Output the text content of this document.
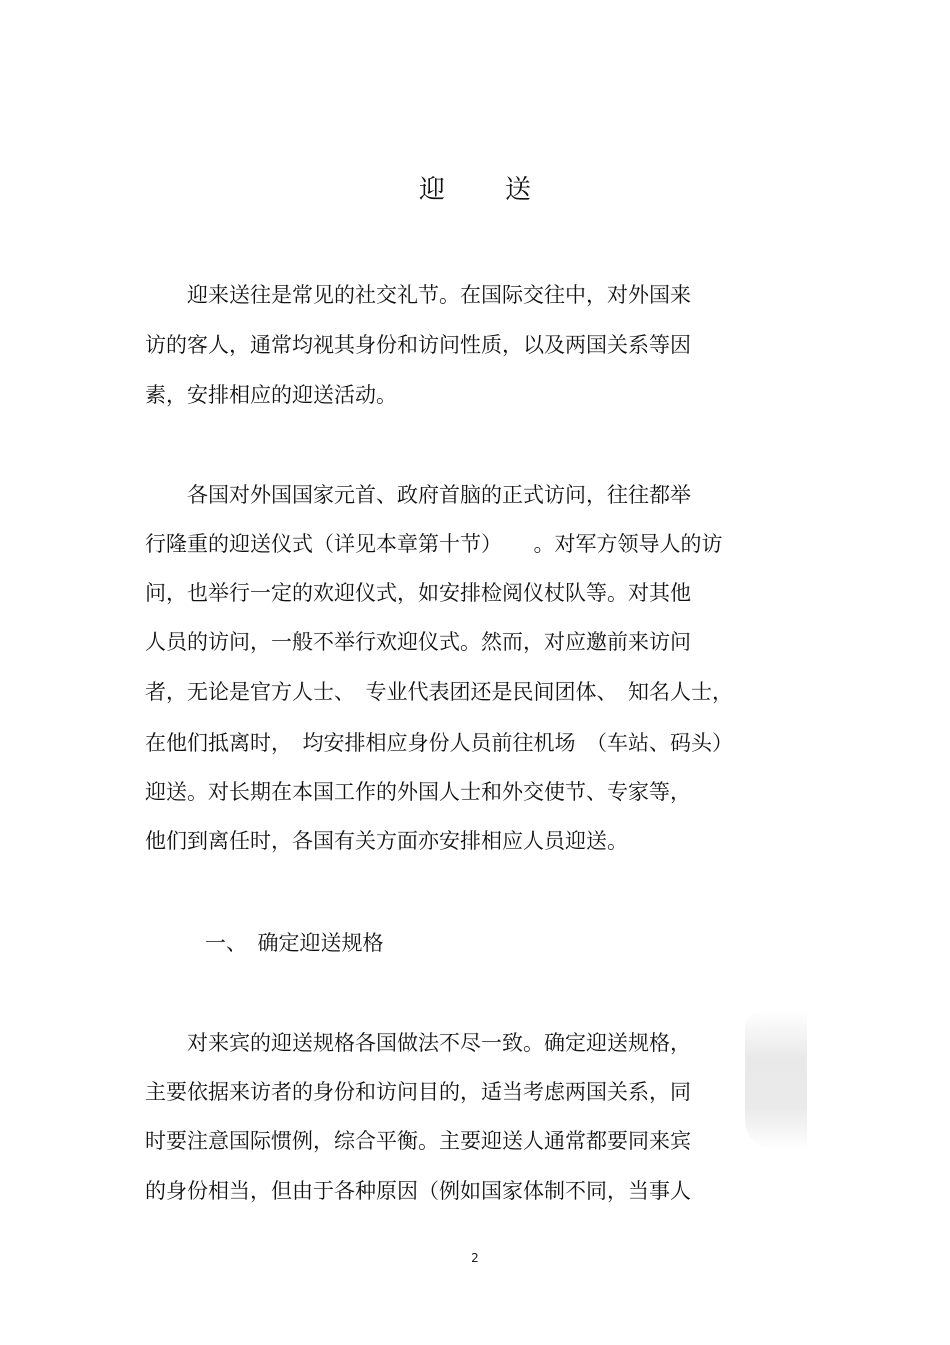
迎 送
　　迎来送往是常见的社交礼节。在国际交往中，对外国来
访的客人，通常均视其身份和访问性质，以及两国关系等因
素，安排相应的迎送活动。
　　各国对外国国家元首、政府首脑的正式访问，往往都举
行隆重的迎送仪式（详见本章第十节）　　。对军方领导人的访
问，也举行一定的欢迎仪式，如安排检阅仪杖队等。对其他
人员的访问，一般不举行欢迎仪式。然而，对应邀前来访问
者，无论是官方人士、　专业代表团还是民间团体、　知名人士，
在他们抵离时，　均安排相应身份人员前往机场　（车站、码头）
迎送。对长期在本国工作的外国人士和外交使节、专家等，
他们到离任时，各国有关方面亦安排相应人员迎送。
一、　确定迎送规格
　　对来宾的迎送规格各国做法不尽一致。确定迎送规格，
主要依据来访者的身份和访问目的，适当考虑两国关系，同
时要注意国际惯例，综合平衡。主要迎送人通常都要同来宾
的身份相当，但由于各种原因（例如国家体制不同，当事人
2
